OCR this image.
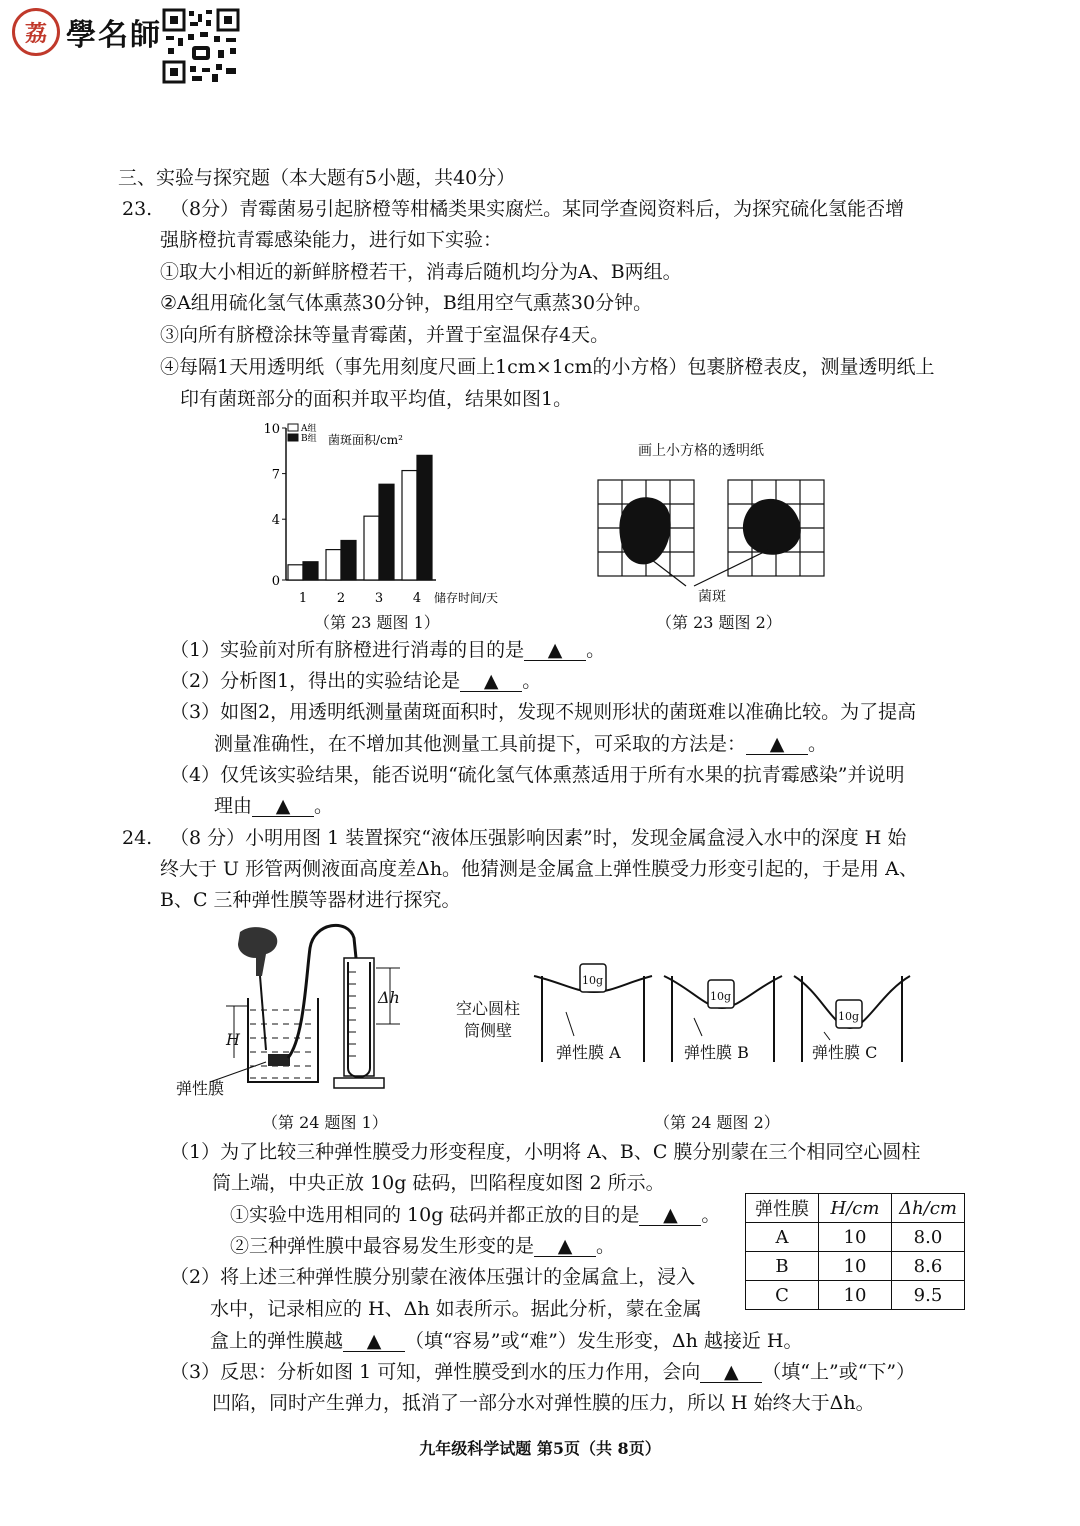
荔 學名師
三、实验与探究题（本大题有5小题，共40分）
23. （8分）青霉菌易引起脐橙等柑橘类果实腐烂。某同学查阅资料后，为探究硫化氢能否增
强脐橙抗青霉感染能力，进行如下实验：
①取大小相近的新鲜脐橙若干，消毒后随机均分为A、B两组。
②A组用硫化氢气体熏蒸30分钟，B组用空气熏蒸30分钟。
③向所有脐橙涂抹等量青霉菌，并置于室温保存4天。
④每隔1天用透明纸（事先用刻度尺画上1cm×1cm的小方格）包裹脐橙表皮，测量透明纸上
印有菌斑部分的面积并取平均值，结果如图1。
0
4
7
10
1 2 3 4 储存时间/天
菌斑面积/cm²
A组
B组
（第 23 题图 1）
画上小方格的透明纸
菌斑
（第 23 题图 2）
（1）实验前对所有脐橙进行消毒的目的是 ▲ 。
（2）分析图1，得出的实验结论是 ▲ 。
（3）如图2，用透明纸测量菌斑面积时，发现不规则形状的菌斑难以准确比较。为了提高
测量准确性，在不增加其他测量工具前提下，可采取的方法是： ▲ 。
（4）仅凭该实验结果，能否说明“硫化氢气体熏蒸适用于所有水果的抗青霉感染”并说明
理由 ▲ 。
24. （8 分）小明用图 1 装置探究“液体压强影响因素”时，发现金属盒浸入水中的深度 H 始
终大于 U 形管两侧液面高度差Δh。他猜测是金属盒上弹性膜受力形变引起的，于是用 A、
B、C 三种弹性膜等器材进行探究。
H
Δh
弹性膜
（第 24 题图 1）
10g
10g
10g
空心圆柱
筒侧壁
弹性膜 A	弹性膜 B	弹性膜 C
（第 24 题图 2）
（1）为了比较三种弹性膜受力形变程度，小明将 A、B、C 膜分别蒙在三个相同空心圆柱
筒上端，中央正放 10g 砝码，凹陷程度如图 2 所示。
①实验中选用相同的 10g 砝码并都正放的目的是 ▲ 。
②三种弹性膜中最容易发生形变的是 ▲ 。
（2）将上述三种弹性膜分别蒙在液体压强计的金属盒上，浸入
水中，记录相应的 H、Δh 如表所示。据此分析，蒙在金属
盒上的弹性膜越 ▲ （填“容易”或“难”）发生形变，Δh 越接近 H。
（3）反思：分析如图 1 可知，弹性膜受到水的压力作用，会向 ▲ （填“上”或“下”）
凹陷，同时产生弹力，抵消了一部分水对弹性膜的压力，所以 H 始终大于Δh。
弹性膜	H/cm	Δh/cm
A	10	8.0
B	10	8.6
C	10	9.5
九年级科学试题 第5页（共 8页）
